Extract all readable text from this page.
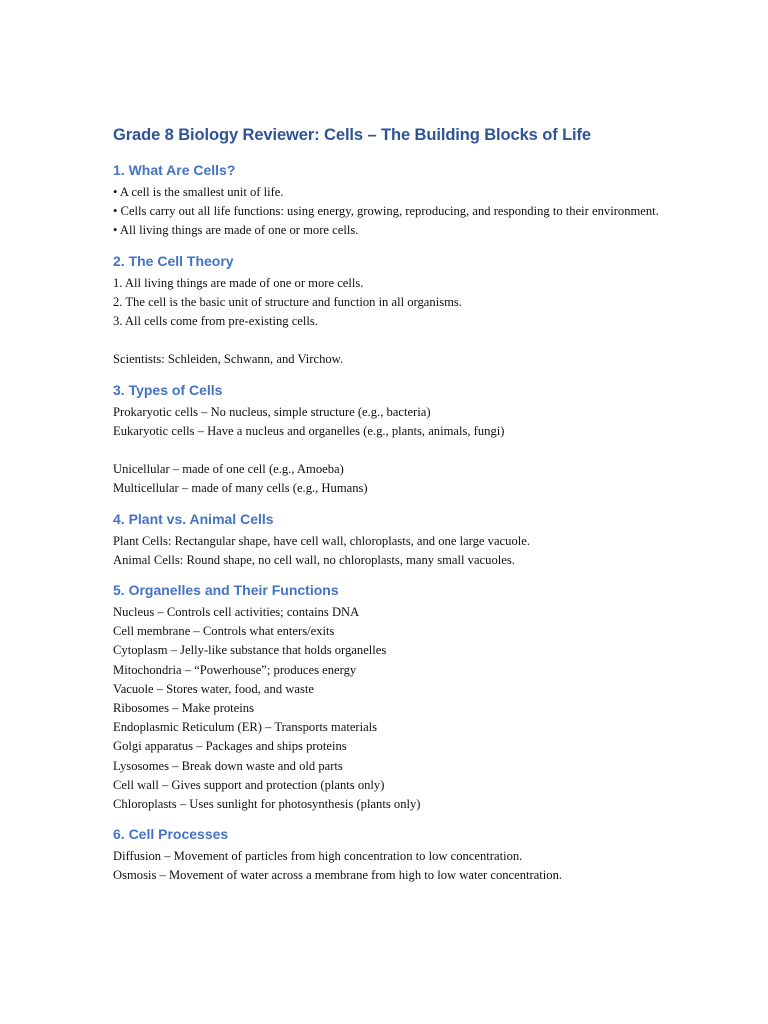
Grade 8 Biology Reviewer: Cells – The Building Blocks of Life
1. What Are Cells?
• A cell is the smallest unit of life.
• Cells carry out all life functions: using energy, growing, reproducing, and responding to their environment.
• All living things are made of one or more cells.
2. The Cell Theory
1. All living things are made of one or more cells.
2. The cell is the basic unit of structure and function in all organisms.
3. All cells come from pre-existing cells.
Scientists: Schleiden, Schwann, and Virchow.
3. Types of Cells
Prokaryotic cells – No nucleus, simple structure (e.g., bacteria)
Eukaryotic cells – Have a nucleus and organelles (e.g., plants, animals, fungi)
Unicellular – made of one cell (e.g., Amoeba)
Multicellular – made of many cells (e.g., Humans)
4. Plant vs. Animal Cells
Plant Cells: Rectangular shape, have cell wall, chloroplasts, and one large vacuole.
Animal Cells: Round shape, no cell wall, no chloroplasts, many small vacuoles.
5. Organelles and Their Functions
Nucleus – Controls cell activities; contains DNA
Cell membrane – Controls what enters/exits
Cytoplasm – Jelly-like substance that holds organelles
Mitochondria – “Powerhouse”; produces energy
Vacuole – Stores water, food, and waste
Ribosomes – Make proteins
Endoplasmic Reticulum (ER) – Transports materials
Golgi apparatus – Packages and ships proteins
Lysosomes – Break down waste and old parts
Cell wall – Gives support and protection (plants only)
Chloroplasts – Uses sunlight for photosynthesis (plants only)
6. Cell Processes
Diffusion – Movement of particles from high concentration to low concentration.
Osmosis – Movement of water across a membrane from high to low water concentration.
